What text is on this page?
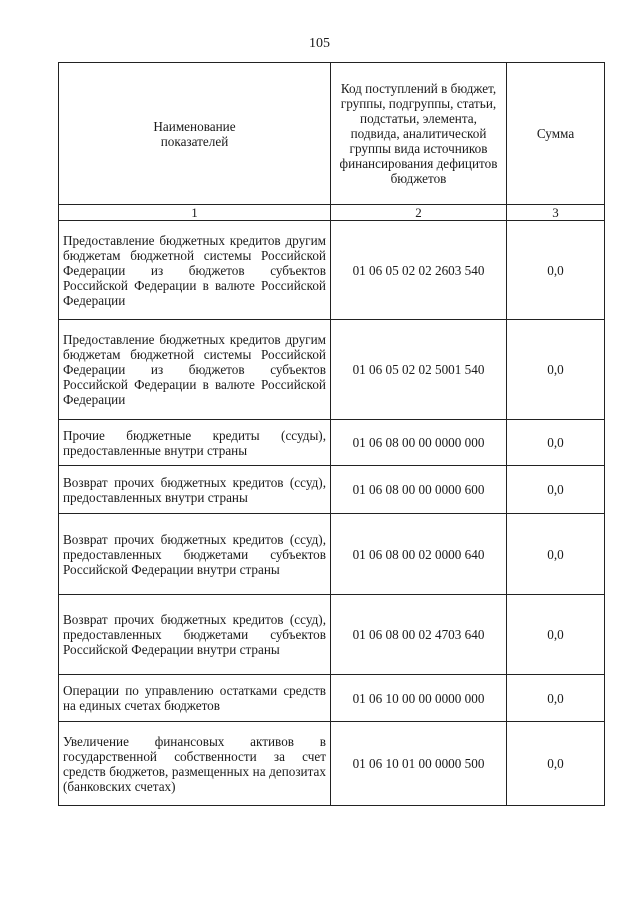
105
Наименование показателей	Код поступлений в бюджет, группы, подгруппы, статьи, подстатьи, элемента, подвида, аналитической группы вида источников финансирования дефицитов бюджетов	Сумма
1	2	3
Предоставление бюджетных кредитов другим бюджетам бюджетной системы Российской Федерации из бюджетов субъектов Российской Федерации в валюте Российской Федерации	01 06 05 02 02 2603 540	0,0
Предоставление бюджетных кредитов другим бюджетам бюджетной системы Российской Федерации из бюджетов субъектов Российской Федерации в валюте Российской Федерации	01 06 05 02 02 5001 540	0,0
Прочие бюджетные кредиты (ссуды), предоставленные внутри страны	01 06 08 00 00 0000 000	0,0
Возврат прочих бюджетных кредитов (ссуд), предоставленных внутри страны	01 06 08 00 00 0000 600	0,0
Возврат прочих бюджетных кредитов (ссуд), предоставленных бюджетами субъектов Российской Федерации внутри страны	01 06 08 00 02 0000 640	0,0
Возврат прочих бюджетных кредитов (ссуд), предоставленных бюджетами субъектов Российской Федерации внутри страны	01 06 08 00 02 4703 640	0,0
Операции по управлению остатками средств на единых счетах бюджетов	01 06 10 00 00 0000 000	0,0
Увеличение финансовых активов в государственной собственности за счет средств бюджетов, размещенных на депозитах (банковских счетах)	01 06 10 01 00 0000 500	0,0
